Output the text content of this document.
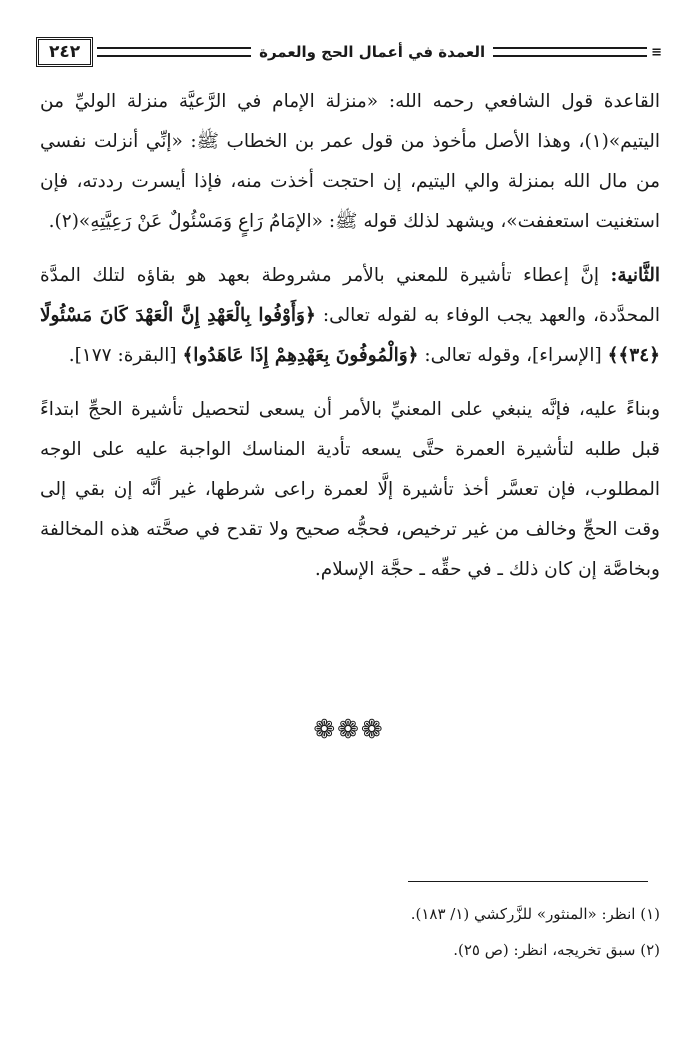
٢٤٢	العمدة في أعمال الحج والعمرة	≡

القاعدة قول الشافعي رحمه الله: «منزلة الإمام في الرَّعيَّة منزلة الوليِّ من اليتيم»(١)، وهذا الأصل مأخوذ من قول عمر بن الخطاب ﷺ: «إنِّي أنزلت نفسي من مال الله بمنزلة والي اليتيم، إن احتجت أخذت منه، فإذا أيسرت رددته، فإن استغنيت استعففت»، ويشهد لذلك قوله ﷺ: «الإمَامُ رَاعٍ وَمَسْئُولٌ عَنْ رَعِيَّتِهِ»(٢).

الثَّانية: إنَّ إعطاء تأشيرة للمعني بالأمر مشروطة بعهد هو بقاؤه لتلك المدَّة المحدَّدة، والعهد يجب الوفاء به لقوله تعالى: ﴿وَأَوْفُوا بِالْعَهْدِ إِنَّ الْعَهْدَ كَانَ مَسْئُولًا ﴿٣٤﴾﴾ [الإسراء]، وقوله تعالى: ﴿وَالْمُوفُونَ بِعَهْدِهِمْ إِذَا عَاهَدُوا﴾ [البقرة: ١٧٧].

وبناءً عليه، فإنَّه ينبغي على المعنيِّ بالأمر أن يسعى لتحصيل تأشيرة الحجِّ ابتداءً قبل طلبه لتأشيرة العمرة حتَّى يسعه تأدية المناسك الواجبة عليه على الوجه المطلوب، فإن تعسَّر أخذ تأشيرة إلَّا لعمرة راعى شرطها، غير أنَّه إن بقي إلى وقت الحجِّ وخالف من غير ترخيص، فحجُّه صحيح ولا تقدح في صحَّته هذه المخالفة وبخاصَّة إن كان ذلك ـ في حقِّه ـ حجَّة الإسلام.

❁❁❁
(١) انظر: «المنثور» للزَّركشي (١/ ١٨٣).
(٢) سبق تخريجه، انظر: (ص ٢٥).
